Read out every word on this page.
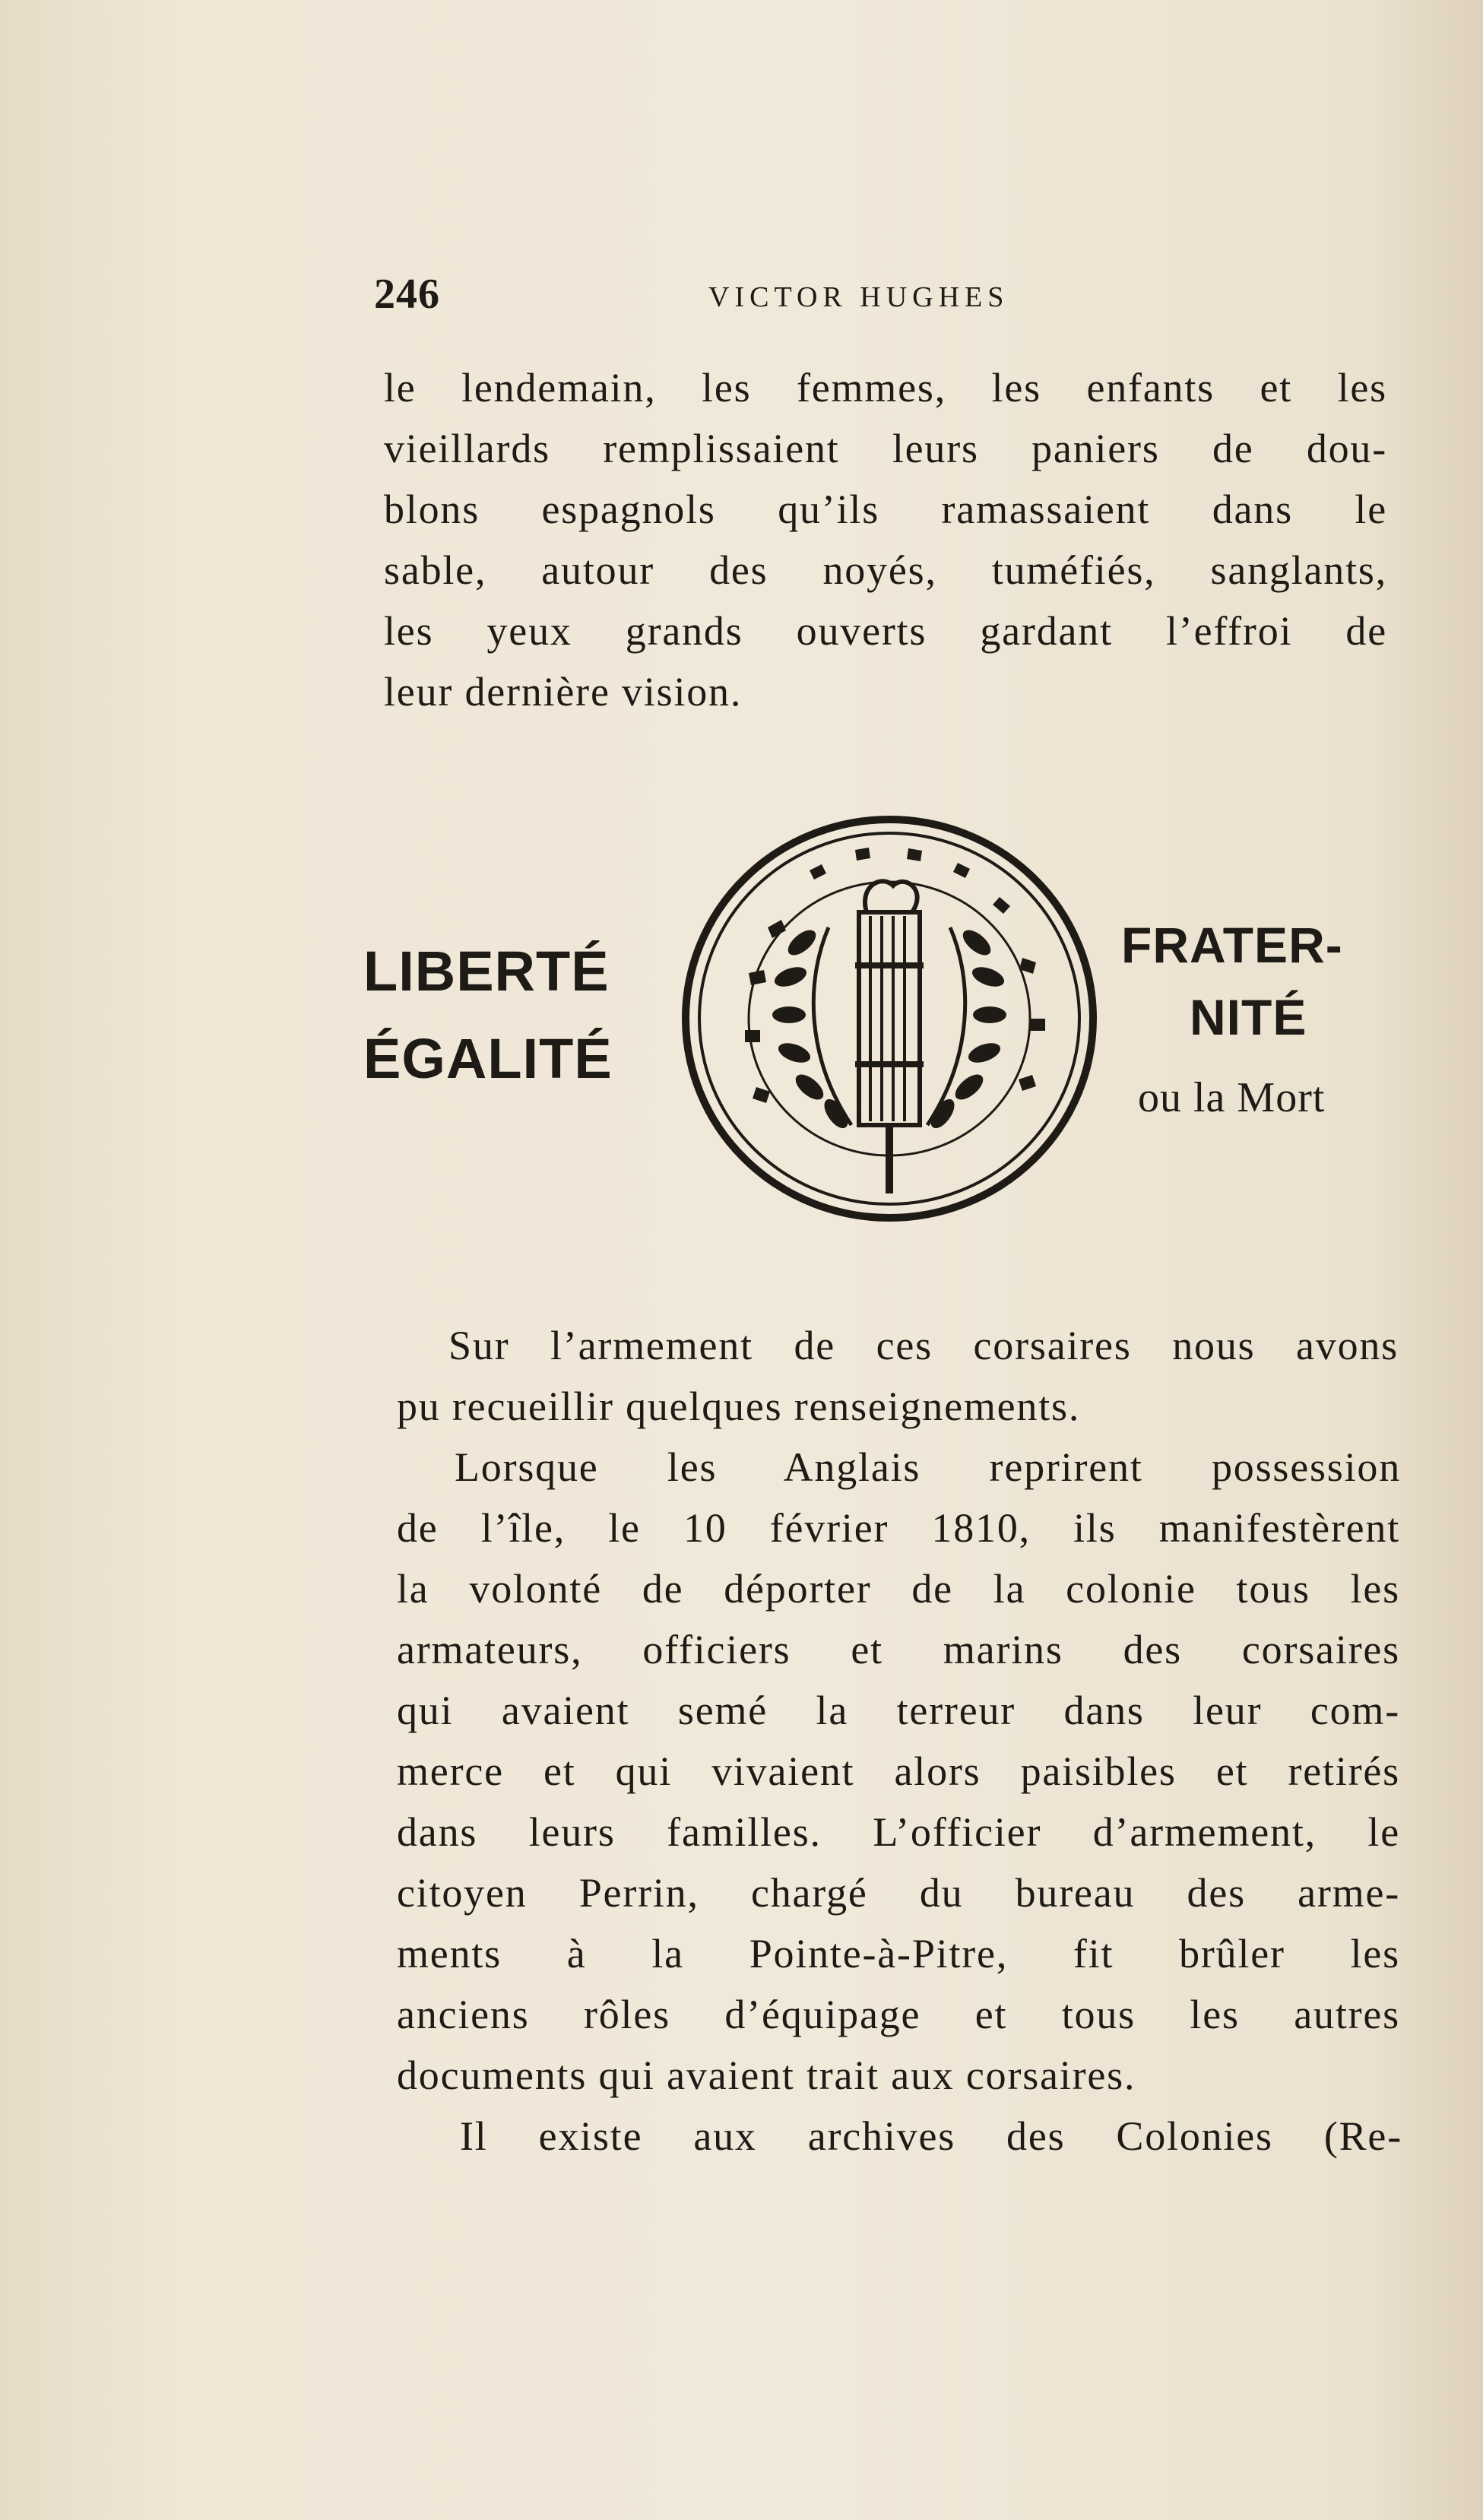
246	VICTOR HUGHES
le lendemain, les femmes, les enfants et les
vieillards remplissaient leurs paniers de dou-
blons espagnols qu’ils ramassaient dans le
sable, autour des noyés, tuméfiés, sanglants,
les yeux grands ouverts gardant l’effroi de
leur dernière vision.
LIBERTÉ
ÉGALITÉ
FRATER-
NITÉ
ou la Mort
Sur l’armement de ces corsaires nous avons
pu recueillir quelques renseignements.
Lorsque les Anglais reprirent possession
de l’île, le 10 février 1810, ils manifestèrent
la volonté de déporter de la colonie tous les
armateurs, officiers et marins des corsaires
qui avaient semé la terreur dans leur com-
merce et qui vivaient alors paisibles et retirés
dans leurs familles. L’officier d’armement, le
citoyen Perrin, chargé du bureau des arme-
ments à la Pointe-à-Pitre, fit brûler les
anciens rôles d’équipage et tous les autres
documents qui avaient trait aux corsaires.
Il existe aux archives des Colonies (Re-
